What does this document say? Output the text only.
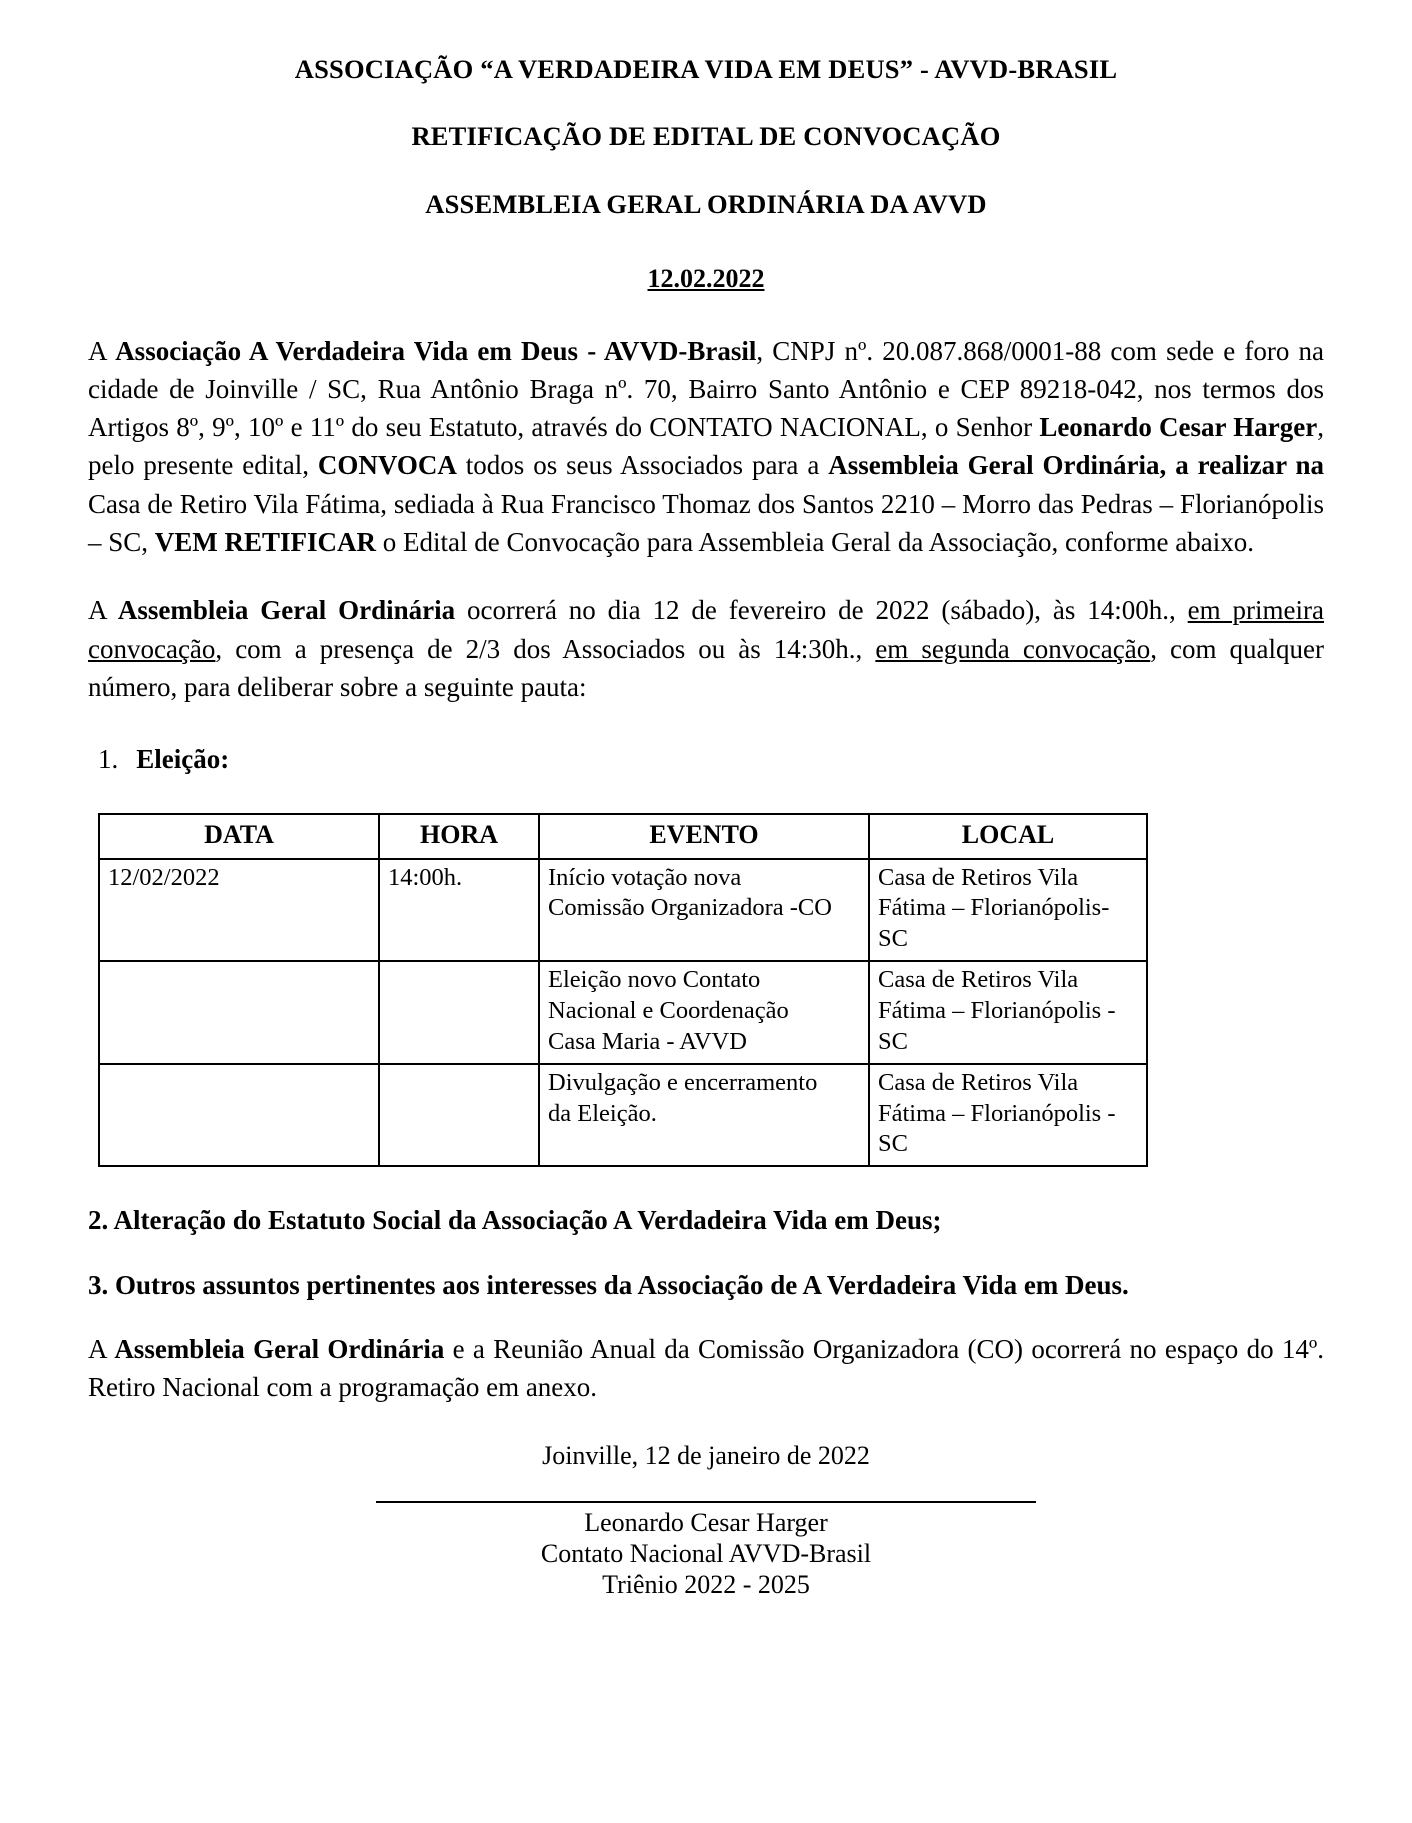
ASSOCIAÇÃO “A VERDADEIRA VIDA EM DEUS” - AVVD-BRASIL
RETIFICAÇÃO DE EDITAL DE CONVOCAÇÃO
ASSEMBLEIA GERAL ORDINÁRIA DA AVVD
12.02.2022

A Associação A Verdadeira Vida em Deus - AVVD-Brasil, CNPJ nº. 20.087.868/0001-88 com sede e foro na cidade de Joinville / SC, Rua Antônio Braga nº. 70, Bairro Santo Antônio e CEP 89218-042, nos termos dos Artigos 8º, 9º, 10º e 11º do seu Estatuto, através do CONTATO NACIONAL, o Senhor Leonardo Cesar Harger, pelo presente edital, CONVOCA todos os seus Associados para a Assembleia Geral Ordinária, a realizar na Casa de Retiro Vila Fátima, sediada à Rua Francisco Thomaz dos Santos 2210 – Morro das Pedras – Florianópolis – SC, VEM RETIFICAR o Edital de Convocação para Assembleia Geral da Associação, conforme abaixo.

A Assembleia Geral Ordinária ocorrerá no dia 12 de fevereiro de 2022 (sábado), às 14:00h., em primeira convocação, com a presença de 2/3 dos Associados ou às 14:30h., em segunda convocação, com qualquer número, para deliberar sobre a seguinte pauta:

1. Eleição:
DATA	HORA	EVENTO	LOCAL
12/02/2022	14:00h.	Início votação nova
Comissão Organizadora -CO	Casa de Retiros Vila Fátima – Florianópolis-SC

		Eleição novo Contato
Nacional e Coordenação
Casa Maria - AVVD	Casa de Retiros Vila Fátima – Florianópolis - SC

		Divulgação e encerramento
da Eleição.	Casa de Retiros Vila Fátima – Florianópolis - SC
2. Alteração do Estatuto Social da Associação A Verdadeira Vida em Deus;
3. Outros assuntos pertinentes aos interesses da Associação de A Verdadeira Vida em Deus.

A Assembleia Geral Ordinária e a Reunião Anual da Comissão Organizadora (CO) ocorrerá no espaço do 14º. Retiro Nacional com a programação em anexo.

Joinville, 12 de janeiro de 2022
Leonardo Cesar Harger
Contato Nacional AVVD-Brasil
Triênio 2022 - 2025
